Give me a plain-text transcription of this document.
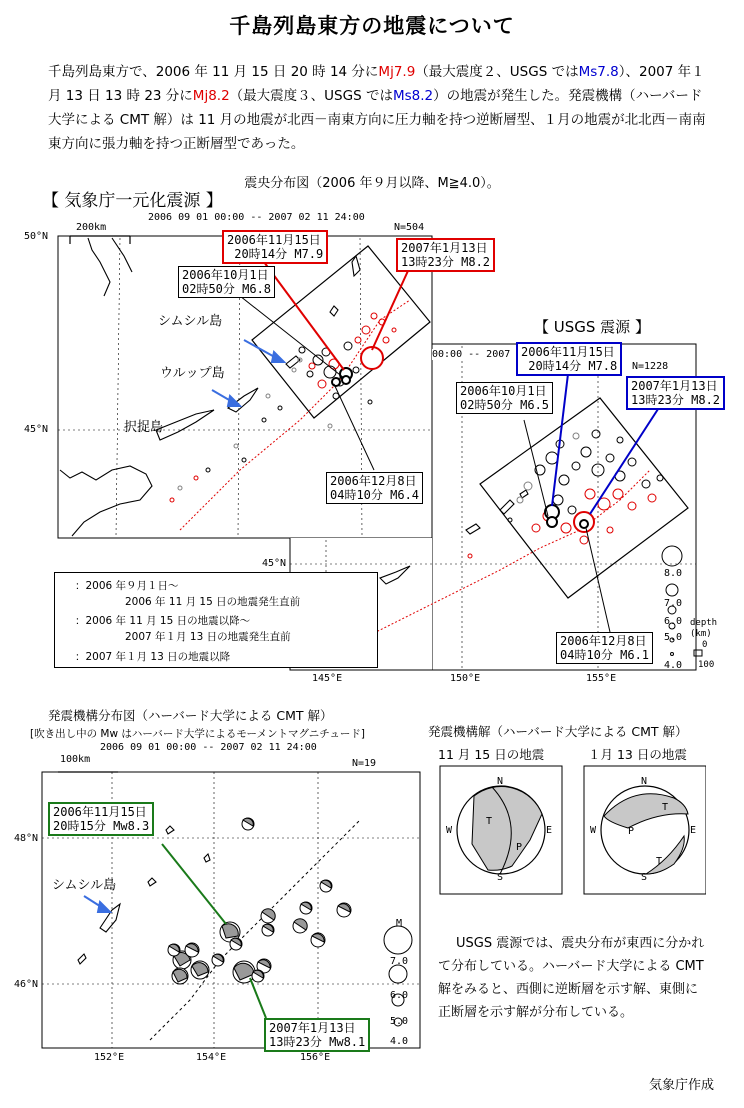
千島列島東方の地震について
千島列島東方で、2006 年 11 月 15 日 20 時 14 分にMj7.9（最大震度２、USGS ではMs7.8）、2007 年１月 13 日 13 時 23 分にMj8.2（最大震度３、USGS ではMs8.2）の地震が発生した。発震機構（ハーバード大学による CMT 解）は 11 月の地震が北西－南東方向に圧力軸を持つ逆断層型、１月の地震が北北西－南南東方向に張力軸を持つ正断層型であった。
震央分布図（2006 年９月以降、M≧4.0）。
【 気象庁一元化震源 】
2006 09 01 00:00 -- 2007 02 11 24:00
N=504
200km
50°N
45°N
2006年11月15日
20時14分 M7.9	2007年1月13日
13時23分 M8.2
2006年10月1日
02時50分 M6.8
2006年12月8日
04時10分 M6.4
シムシル島
ウルップ島
択捉島
【 USGS 震源 】
00:00 -- 2007
N=1228
45°N
2006年11月15日
20時14分 M7.8
2007年1月13日
13時23分 M8.2
2006年10月1日
02時50分 M6.5
2006年12月8日
04時10分 M6.1
145°E	150°E	155°E
8.0
7.0
6.0
5.0
4.0
depth
(km)
0
100
：2006 年９月１日～
2006 年 11 月 15 日の地震発生直前
：2006 年 11 月 15 日の地震以降～
2007 年１月 13 日の地震発生直前
：2007 年１月 13 日の地震以降
発震機構分布図（ハーバード大学による CMT 解）
[吹き出し中の Mw はハーバード大学によるモーメントマグニチュード]
2006 09 01 00:00 -- 2007 02 11 24:00
N=19
100km
48°N
46°N
152°E	154°E	156°E
2006年11月15日
20時15分 Mw8.3
2007年1月13日
13時23分 Mw8.1
シムシル島
M
7.0
6.0
5.0
4.0
発震機構解（ハーバード大学による CMT 解）
11 月 15 日の地震	１月 13 日の地震
N
S
W	E
T
P
N
S
W	E
T
P
T
USGS 震源では、震央分布が東西に分かれて分布している。ハーバード大学による CMT 解をみると、西側に逆断層を示す解、東側に正断層を示す解が分布している。
気象庁作成
